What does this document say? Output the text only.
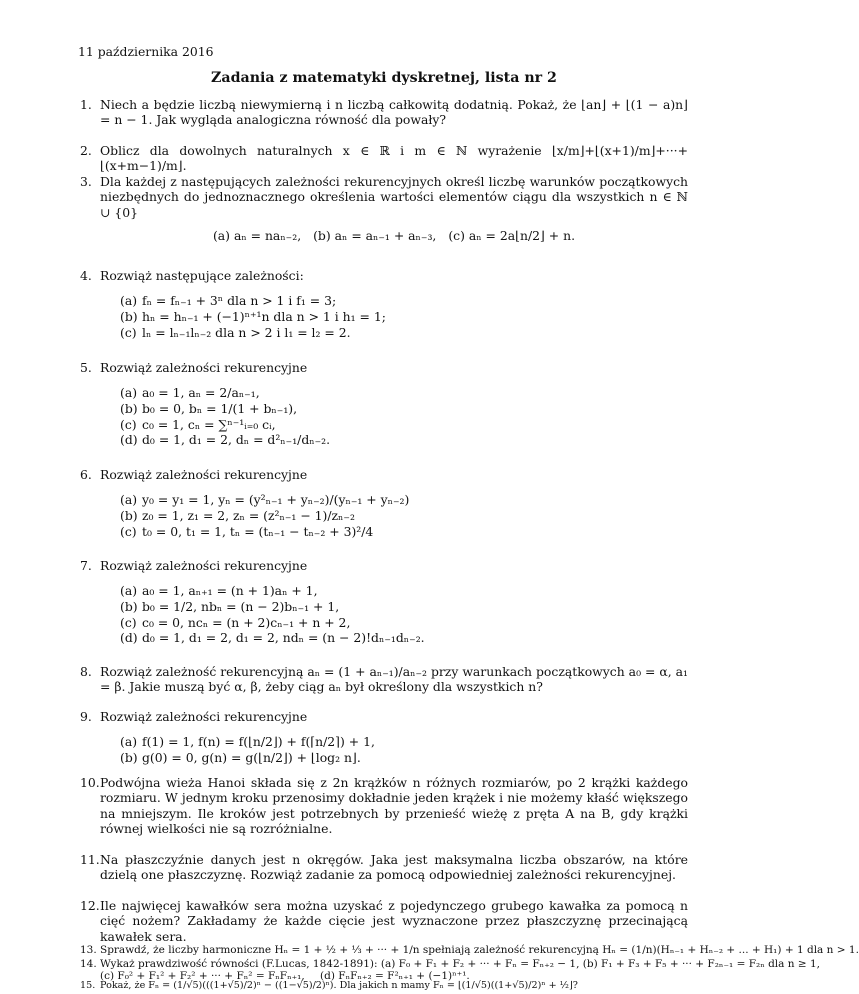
11 października 2016
Zadania z matematyki dyskretnej, lista nr 2
1. Niech a będzie liczbą niewymierną i n liczbą całkowitą dodatnią. Pokaż, że ⌊an⌋ + ⌊(1 − a)n⌋ = n − 1. Jak wygląda analogiczna równość dla powały?
2. Oblicz dla dowolnych naturalnych x ∈ ℝ i m ∈ ℕ wyrażenie ⌊x/m⌋+⌊(x+1)/m⌋+···+⌊(x+m−1)/m⌋.
3. Dla każdej z następujących zależności rekurencyjnych określ liczbę warunków początkowych niezbędnych do jednoznacznego określenia wartości elementów ciągu dla wszystkich n ∈ ℕ ∪ {0}
(a) aₙ = naₙ₋₂, (b) aₙ = aₙ₋₁ + aₙ₋₃, (c) aₙ = 2a⌊n/2⌋ + n.
4. Rozwiąż następujące zależności:
(a) fₙ = fₙ₋₁ + 3ⁿ dla n > 1 i f₁ = 3;
(b) hₙ = hₙ₋₁ + (−1)ⁿ⁺¹n dla n > 1 i h₁ = 1;
(c) lₙ = lₙ₋₁lₙ₋₂ dla n > 2 i l₁ = l₂ = 2.
5. Rozwiąż zależności rekurencyjne
(a) a₀ = 1, aₙ = 2/aₙ₋₁,
(b) b₀ = 0, bₙ = 1/(1 + bₙ₋₁),
(c) c₀ = 1, cₙ = ∑ⁿ⁻¹ᵢ₌₀ cᵢ,
(d) d₀ = 1, d₁ = 2, dₙ = d²ₙ₋₁/dₙ₋₂.
6. Rozwiąż zależności rekurencyjne
(a) y₀ = y₁ = 1, yₙ = (y²ₙ₋₁ + yₙ₋₂)/(yₙ₋₁ + yₙ₋₂)
(b) z₀ = 1, z₁ = 2, zₙ = (z²ₙ₋₁ − 1)/zₙ₋₂
(c) t₀ = 0, t₁ = 1, tₙ = (tₙ₋₁ − tₙ₋₂ + 3)²/4
7. Rozwiąż zależności rekurencyjne
(a) a₀ = 1, aₙ₊₁ = (n + 1)aₙ + 1,
(b) b₀ = 1/2, nbₙ = (n − 2)bₙ₋₁ + 1,
(c) c₀ = 0, ncₙ = (n + 2)cₙ₋₁ + n + 2,
(d) d₀ = 1, d₁ = 2, d₁ = 2, ndₙ = (n − 2)!dₙ₋₁dₙ₋₂.
8. Rozwiąż zależność rekurencyjną aₙ = (1 + aₙ₋₁)/aₙ₋₂ przy warunkach początkowych a₀ = α, a₁ = β. Jakie muszą być α, β, żeby ciąg aₙ był określony dla wszystkich n?
9. Rozwiąż zależności rekurencyjne
(a) f(1) = 1, f(n) = f(⌊n/2⌋) + f(⌈n/2⌉) + 1,
(b) g(0) = 0, g(n) = g(⌊n/2⌋) + ⌊log₂ n⌋.
10. Podwójna wieża Hanoi składa się z 2n krążków n różnych rozmiarów, po 2 krążki każdego rozmiaru. W jednym kroku przenosimy dokładnie jeden krążek i nie możemy kłaść większego na mniejszym. Ile kroków jest potrzebnych by przenieść wieżę z pręta A na B, gdy krążki równej wielkości nie są rozróżnialne.
11. Na płaszczyźnie danych jest n okręgów. Jaka jest maksymalna liczba obszarów, na które dzielą one płaszczyznę. Rozwiąż zadanie za pomocą odpowiedniej zależności rekurencyjnej.
12. Ile najwięcej kawałków sera można uzyskać z pojedynczego grubego kawałka za pomocą n cięć nożem? Zakładamy że każde cięcie jest wyznaczone przez płaszczyznę przecinającą kawałek sera.
13. Sprawdź, że liczby harmoniczne Hₙ = 1 + ½ + ⅓ + ··· + 1/n spełniają zależność rekurencyjną Hₙ = (1/n)(Hₙ₋₁ + Hₙ₋₂ + ... + H₁) + 1 dla n > 1.
14. Wykaż prawdziwość równości (F.Lucas, 1842-1891): (a) F₀ + F₁ + F₂ + ··· + Fₙ = Fₙ₊₂ − 1, (b) F₁ + F₃ + F₅ + ··· + F₂ₙ₋₁ = F₂ₙ dla n ≥ 1,
(c) F₀² + F₁² + F₂² + ··· + Fₙ² = FₙFₙ₊₁, (d) FₙFₙ₊₂ = F²ₙ₊₁ + (−1)ⁿ⁺¹.
15. Pokaż, że Fₙ = (1/√5)(((1+√5)/2)ⁿ − ((1−√5)/2)ⁿ). Dla jakich n mamy Fₙ = ⌊(1/√5)((1+√5)/2)ⁿ + ½⌋?
